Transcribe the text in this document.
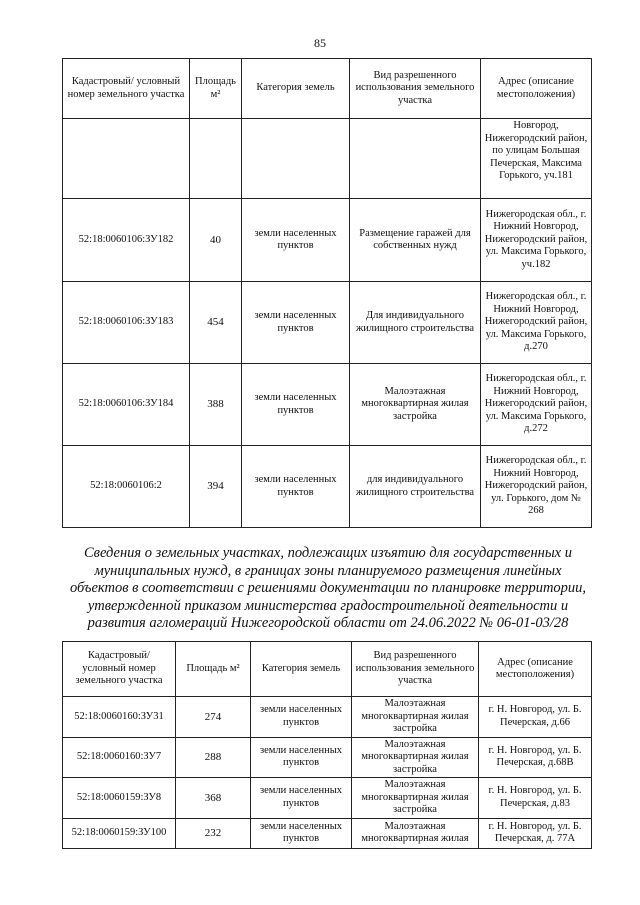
85
Кадастровый/ условный номер земельного участка	Площадь м²	Категория земель	Вид разрешенного использования земельного участка	Адрес (описание местоположения)
				Новгород, Нижегородский район, по улицам Большая Печерская, Максима Горького, уч.181
52:18:0060106:ЗУ182	40	земли населенных пунктов	Размещение гаражей для собственных нужд	Нижегородская обл., г. Нижний Новгород, Нижегородский район, ул. Максима Горького, уч.182
52:18:0060106:ЗУ183	454	земли населенных пунктов	Для индивидуального жилищного строительства	Нижегородская обл., г. Нижний Новгород, Нижегородский район, ул. Максима Горького, д.270
52:18:0060106:ЗУ184	388	земли населенных пунктов	Малоэтажная многоквартирная жилая застройка	Нижегородская обл., г. Нижний Новгород, Нижегородский район, ул. Максима Горького, д.272
52:18:0060106:2	394	земли населенных пунктов	для индивидуального жилищного строительства	Нижегородская обл., г. Нижний Новгород, Нижегородский район, ул. Горького, дом № 268
Сведения о земельных участках, подлежащих изъятию для государственных и муниципальных нужд, в границах зоны планируемого размещения линейных объектов в соответствии с решениями документации по планировке территории, утвержденной приказом министерства градостроительной деятельности и развития агломераций Нижегородской области от 24.06.2022 № 06-01-03/28
Кадастровый/ условный номер земельного участка	Площадь м²	Категория земель	Вид разрешенного использования земельного участка	Адрес (описание местоположения)
52:18:0060160:ЗУ31	274	земли населенных пунктов	Малоэтажная многоквартирная жилая застройка	г. Н. Новгород, ул. Б. Печерская, д.66
52:18:0060160:ЗУ7	288	земли населенных пунктов	Малоэтажная многоквартирная жилая застройка	г. Н. Новгород, ул. Б. Печерская, д.68В
52:18:0060159:ЗУ8	368	земли населенных пунктов	Малоэтажная многоквартирная жилая застройка	г. Н. Новгород, ул. Б. Печерская, д.83
52:18:0060159:ЗУ100	232	земли населенных пунктов	Малоэтажная многоквартирная жилая	г. Н. Новгород, ул. Б. Печерская, д. 77А
